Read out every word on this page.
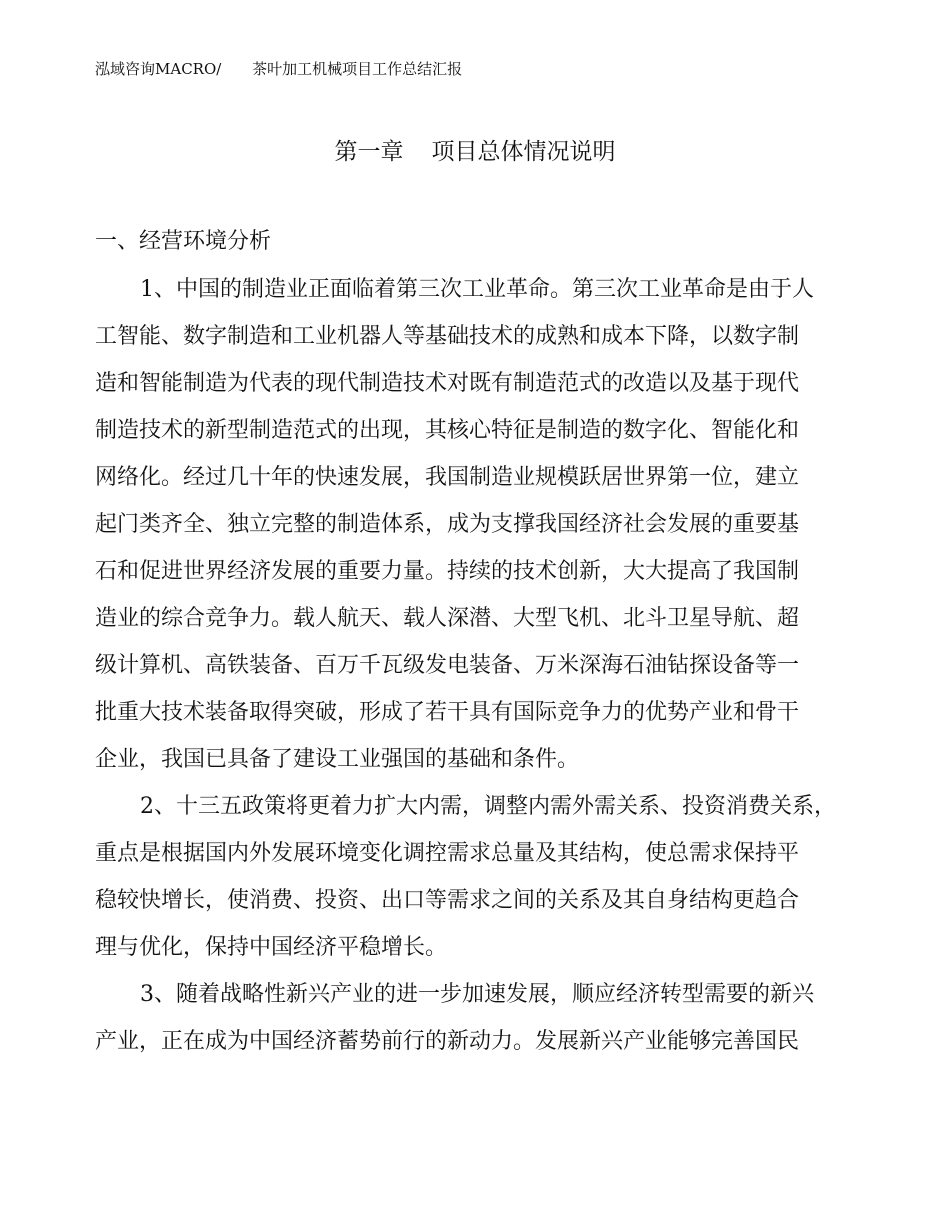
泓域咨询MACRO/ 茶叶加工机械项目工作总结汇报
第一章 项目总体情况说明
一、经营环境分析
1、中国的制造业正面临着第三次工业革命。第三次工业革命是由于人
工智能、数字制造和工业机器人等基础技术的成熟和成本下降，以数字制
造和智能制造为代表的现代制造技术对既有制造范式的改造以及基于现代
制造技术的新型制造范式的出现，其核心特征是制造的数字化、智能化和
网络化。经过几十年的快速发展，我国制造业规模跃居世界第一位，建立
起门类齐全、独立完整的制造体系，成为支撑我国经济社会发展的重要基
石和促进世界经济发展的重要力量。持续的技术创新，大大提高了我国制
造业的综合竞争力。载人航天、载人深潜、大型飞机、北斗卫星导航、超
级计算机、高铁装备、百万千瓦级发电装备、万米深海石油钻探设备等一
批重大技术装备取得突破，形成了若干具有国际竞争力的优势产业和骨干
企业，我国已具备了建设工业强国的基础和条件。
2、十三五政策将更着力扩大内需，调整内需外需关系、投资消费关系，
重点是根据国内外发展环境变化调控需求总量及其结构，使总需求保持平
稳较快增长，使消费、投资、出口等需求之间的关系及其自身结构更趋合
理与优化，保持中国经济平稳增长。
3、随着战略性新兴产业的进一步加速发展，顺应经济转型需要的新兴
产业，正在成为中国经济蓄势前行的新动力。发展新兴产业能够完善国民
